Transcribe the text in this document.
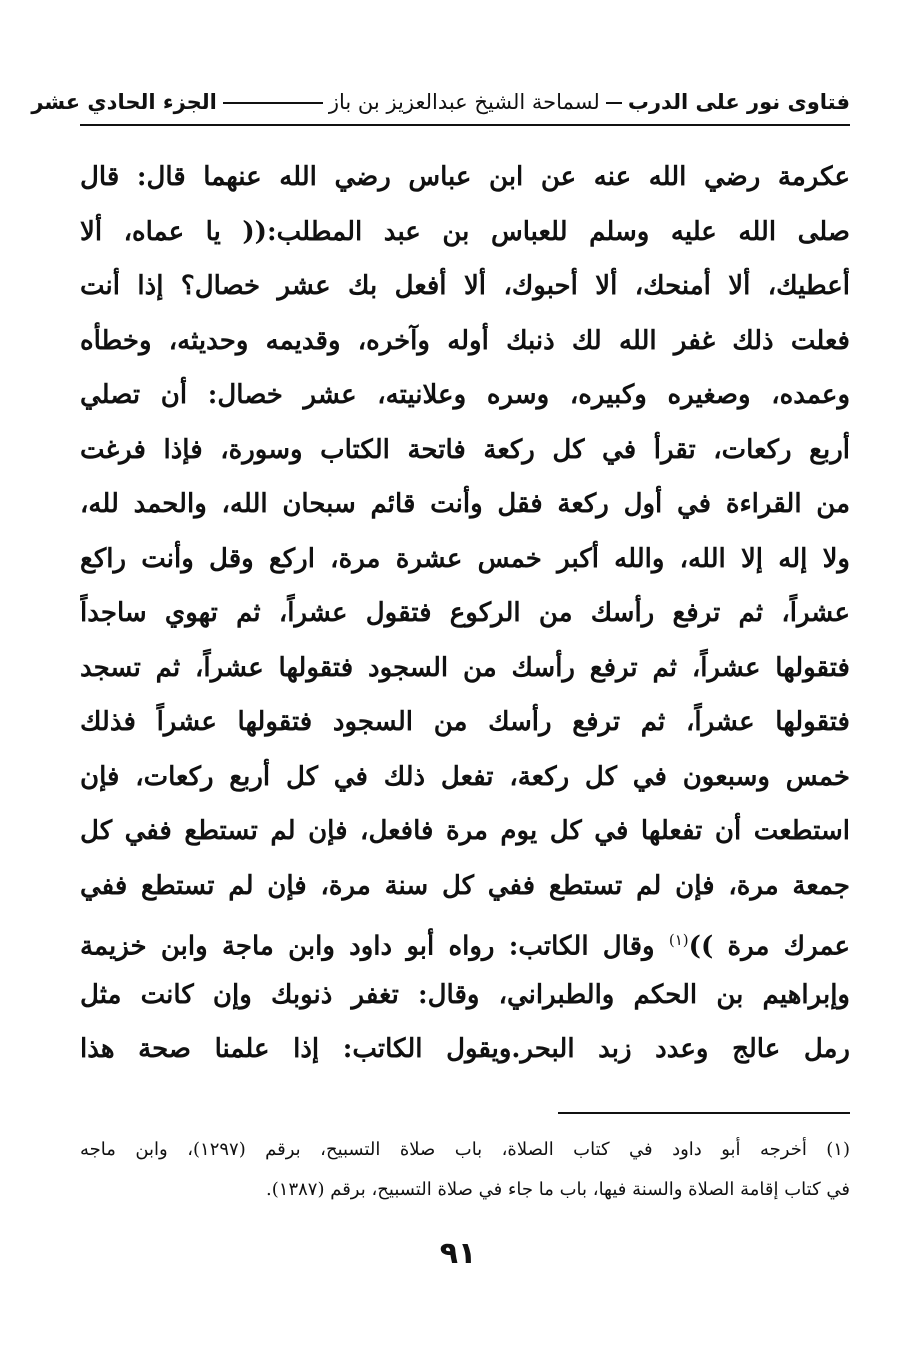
فتاوى نور على الدربلسماحة الشيخ عبدالعزيز بن باز
الجزء الحادي عشر
عكرمة رضي الله عنه عن ابن عباس رضي الله عنهما قال: قال
صلى الله عليه وسلم للعباس بن عبد المطلب:(( يا عماه، ألا
أعطيك، ألا أمنحك، ألا أحبوك، ألا أفعل بك عشر خصال؟ إذا أنت
فعلت ذلك غفر الله لك ذنبك أوله وآخره، وقديمه وحديثه، وخطأه
وعمده، وصغيره وكبيره، وسره وعلانيته، عشر خصال: أن تصلي
أربع ركعات، تقرأ في كل ركعة فاتحة الكتاب وسورة، فإذا فرغت
من القراءة في أول ركعة فقل وأنت قائم سبحان الله، والحمد لله،
ولا إله إلا الله، والله أكبر خمس عشرة مرة، اركع وقل وأنت راكع
عشراً، ثم ترفع رأسك من الركوع فتقول عشراً، ثم تهوي ساجداً
فتقولها عشراً، ثم ترفع رأسك من السجود فتقولها عشراً، ثم تسجد
فتقولها عشراً، ثم ترفع رأسك من السجود فتقولها عشراً فذلك
خمس وسبعون في كل ركعة، تفعل ذلك في كل أربع ركعات، فإن
استطعت أن تفعلها في كل يوم مرة فافعل، فإن لم تستطع ففي كل
جمعة مرة، فإن لم تستطع ففي كل سنة مرة، فإن لم تستطع ففي
عمرك مرة ))$^{(١)}$ وقال الكاتب: رواه أبو داود وابن ماجة وابن خزيمة
وإبراهيم بن الحكم والطبراني، وقال: تغفر ذنوبك وإن كانت مثل
رمل عالج وعدد زبد البحر.ويقول الكاتب: إذا علمنا صحة هذا
(١) أخرجه أبو داود في كتاب الصلاة، باب صلاة التسبيح، برقم (١٢٩٧)، وابن ماجه
في كتاب إقامة الصلاة والسنة فيها، باب ما جاء في صلاة التسبيح، برقم (١٣٨٧).
٩١
